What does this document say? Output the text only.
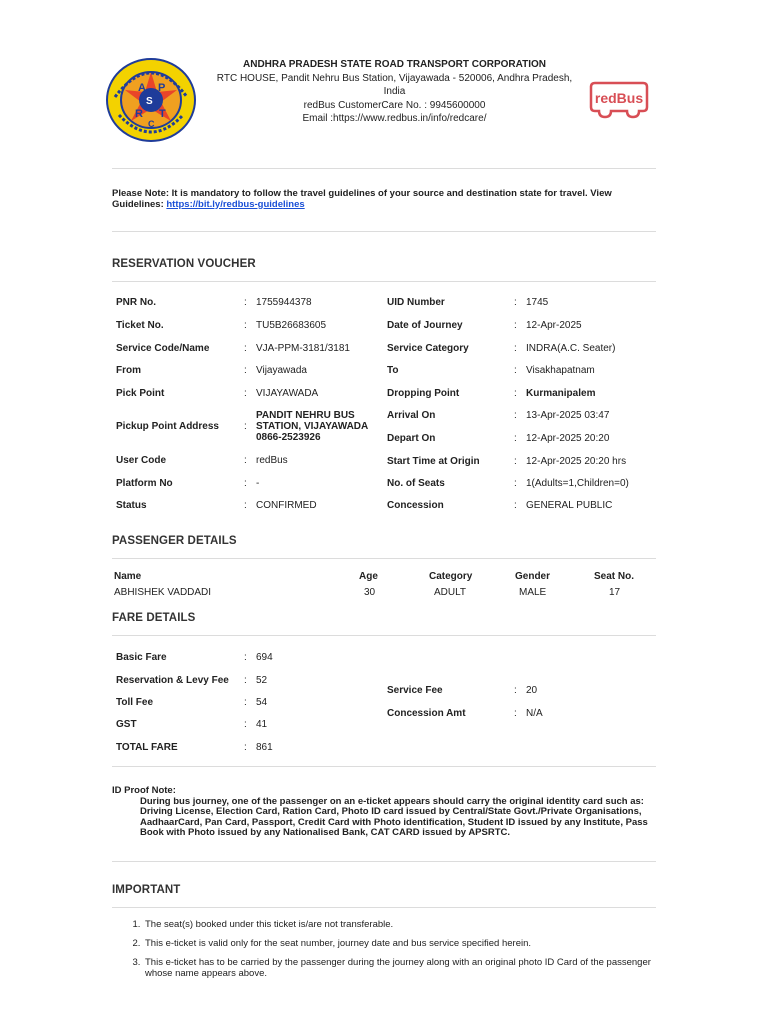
A P
S
R T
C
ANDHRA PRADESH STATE ROAD TRANSPORT CORPORATION
RTC HOUSE, Pandit Nehru Bus Station, Vijayawada - 520006, Andhra Pradesh, India
redBus CustomerCare No. : 9945600000
Email :https://www.redbus.in/info/redcare/
redBus
Please Note: It is mandatory to follow the travel guidelines of your source and destination state for travel. View Guidelines: https://bit.ly/redbus-guidelines
RESERVATION VOUCHER
PNR No.	: 1755944378
Ticket No.	: TU5B26683605
Service Code/Name	: VJA-PPM-3181/3181
From	: Vijayawada
Pick Point	: VIJAYAWADA
Pickup Point Address	:
PANDIT NEHRU BUS STATION, VIJAYAWADA 0866-2523926
User Code	: redBus
Platform No	: -
Status	: CONFIRMED
UID Number	: 1745
Date of Journey	: 12-Apr-2025
Service Category	: INDRA(A.C. Seater)
To	: Visakhapatnam
Dropping Point	: Kurmanipalem
Arrival On	: 13-Apr-2025 03:47
Depart On	: 12-Apr-2025 20:20
Start Time at Origin	: 12-Apr-2025 20:20 hrs
No. of Seats	: 1(Adults=1,Children=0)
Concession	: GENERAL PUBLIC
PASSENGER DETAILS
Name	Age	Category	Gender	Seat No.
ABHISHEK VADDADI	30	ADULT	MALE	17
FARE DETAILS
Basic Fare	: 694
Reservation & Levy Fee : 52
Toll Fee	: 54
GST	: 41
TOTAL FARE	: 861
Service Fee	: 20
Concession Amt	: N/A
ID Proof Note:
During bus journey, one of the passenger on an e-ticket appears should carry the original identity card such as: Driving License, Election Card, Ration Card, Photo ID card issued by Central/State Govt./Private Organisations, AadhaarCard, Pan Card, Passport, Credit Card with Photo identification, Student ID issued by any Institute, Pass Book with Photo issued by any Nationalised Bank, CAT CARD issued by APSRTC.
IMPORTANT
1. The seat(s) booked under this ticket is/are not transferable.
2. This e-ticket is valid only for the seat number, journey date and bus service specified herein.
3. This e-ticket has to be carried by the passenger during the journey along with an original photo ID Card of the passenger whose name appears above.
